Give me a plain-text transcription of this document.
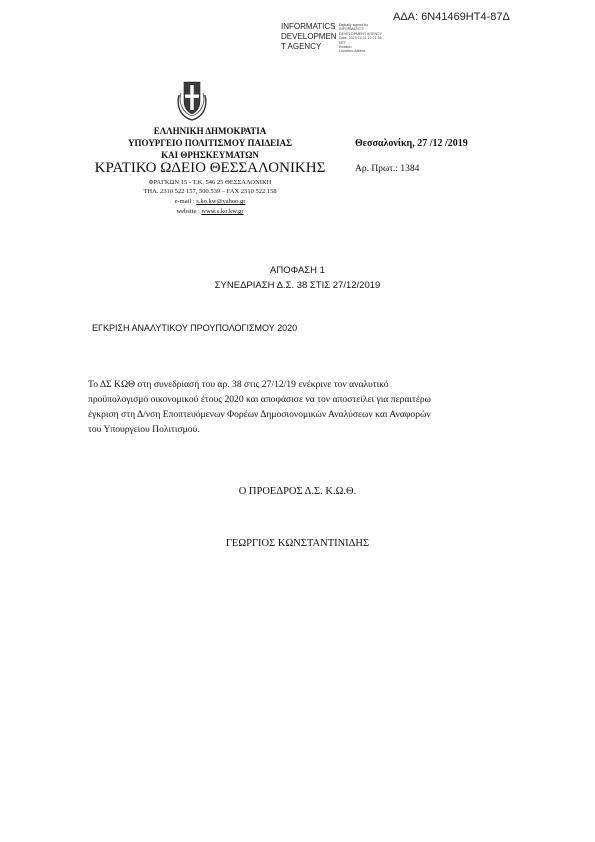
ΑΔΑ: 6Ν41469ΗΤ4-87Δ
INFORMATICS
DEVELOPMEN
T AGENCY
Digitally signed by
INFORMATICS
DEVELOPMENT AGENCY
Date: 2019.12.31 12:21:36
EET
Reason:
Location: Athens
ΕΛΛΗΝΙΚΗ ΔΗΜΟΚΡΑΤΙΑ
ΥΠΟΥΡΓΕΙΟ ΠΟΛΙΤΙΣΜΟΥ ΠΑΙΔΕΙΑΣ
ΚΑΙ ΘΡΗΣΚΕΥΜΑΤΩΝ
ΚΡΑΤΙΚΟ ΩΔΕΙΟ ΘΕΣΣΑΛΟΝΙΚΗΣ
ΦΡΑΓΚΩΝ 15 - Τ.Κ. 546 25 ΘΕΣΣΑΛΟΝΙΚΗ
ΤΗΛ. 2310 522 157, 500.539 – FAX 2310 522 158
e-mail : s.ko.kw@yahoo.gr
website : www.s.ko.kw.gr
Θεσσαλονίκη, 27 /12 /2019
Αρ. Πρωτ.: 1384
ΑΠΟΦΑΣΗ 1
ΣΥΝΕΔΡΙΑΣΗ Δ.Σ. 38 ΣΤΙΣ 27/12/2019
ΕΓΚΡΙΣΗ ΑΝΑΛΥΤΙΚΟΥ ΠΡΟΥΠΟΛΟΓΙΣΜΟΥ 2020
Το ΔΣ ΚΩΘ στη συνεδρίασή του αρ. 38 στις 27/12/19 ενέκρινε τον αναλυτικό
προϋπολογισμό οικονομικού έτους 2020 και αποφάσισε να τον αποστείλει για περαιτέρω
έγκριση στη Δ/νση Εποπτευόμενων Φορέων Δημοσιονομικών Αναλύσεων και Αναφορών
του Υπουργείου Πολιτισμού.
Ο ΠΡΟΕΔΡΟΣ Δ.Σ. Κ.Ω.Θ.
ΓΕΩΡΓΙΟΣ ΚΩΝΣΤΑΝΤΙΝΙΔΗΣ
